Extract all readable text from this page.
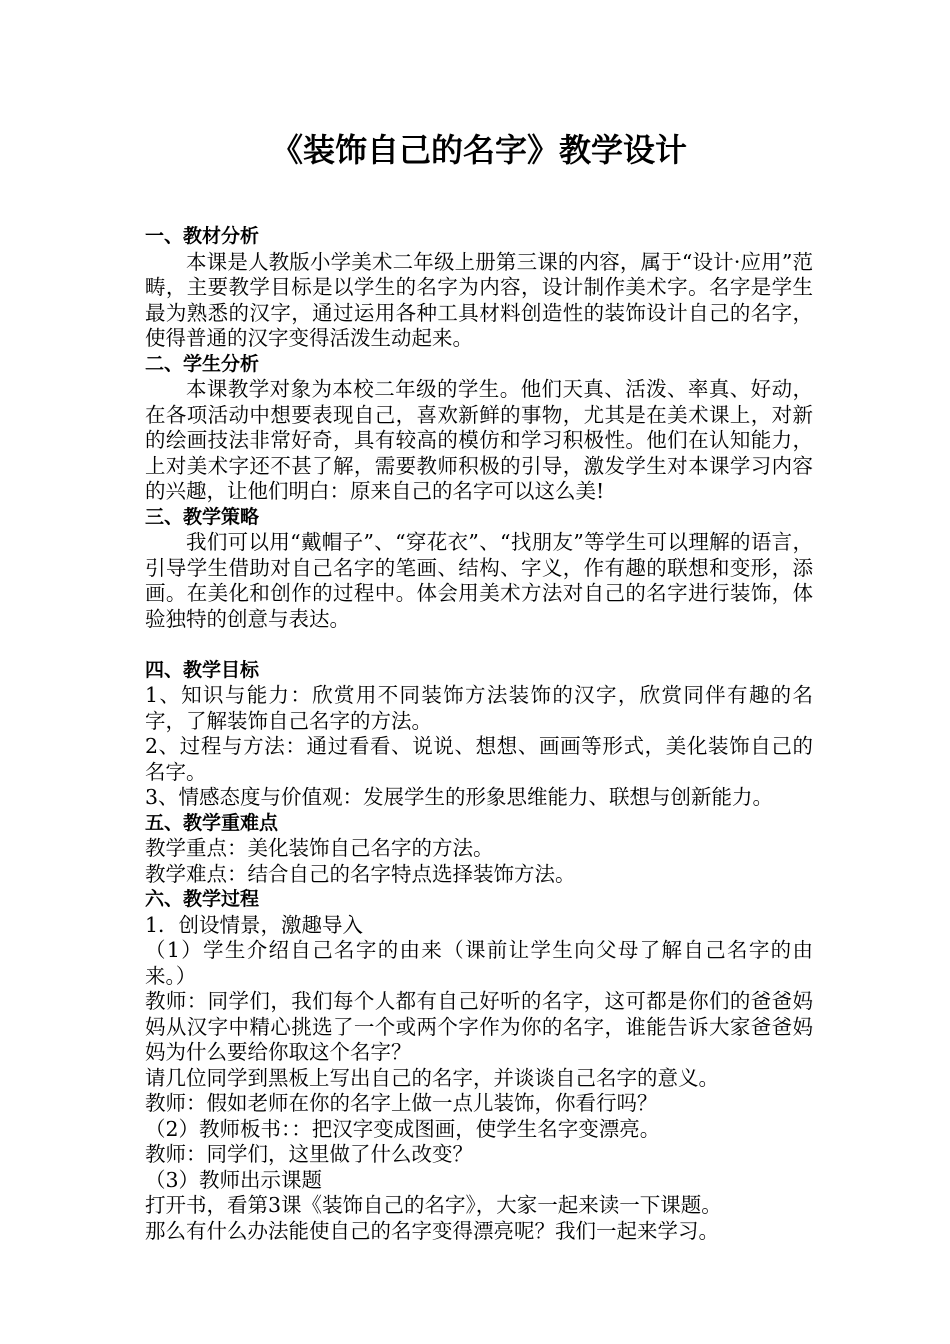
《装饰自己的名字》教学设计
一、教材分析

本课是人教版小学美术二年级上册第三课的内容，属于“设计·应用”范畴，主要教学目标是以学生的名字为内容，设计制作美术字。名字是学生最为熟悉的汉字，通过运用各种工具材料创造性的装饰设计自己的名字，使得普通的汉字变得活泼生动起来。

二、学生分析

本课教学对象为本校二年级的学生。他们天真、活泼、率真、好动，在各项活动中想要表现自己，喜欢新鲜的事物，尤其是在美术课上，对新的绘画技法非常好奇，具有较高的模仿和学习积极性。他们在认知能力，上对美术字还不甚了解，需要教师积极的引导，激发学生对本课学习内容的兴趣，让他们明白：原来自己的名字可以这么美!

三、教学策略

我们可以用“戴帽子”、“穿花衣”、“找朋友”等学生可以理解的语言，引导学生借助对自己名字的笔画、结构、字义，作有趣的联想和变形，添画。在美化和创作的过程中。体会用美术方法对自己的名字进行装饰，体验独特的创意与表达。

四、教学目标

1、知识与能力：欣赏用不同装饰方法装饰的汉字，欣赏同伴有趣的名字，了解装饰自己名字的方法。

2、过程与方法：通过看看、说说、想想、画画等形式，美化装饰自己的名字。

3、情感态度与价值观：发展学生的形象思维能力、联想与创新能力。

五、教学重难点

教学重点：美化装饰自己名字的方法。

教学难点：结合自己的名字特点选择装饰方法。

六、教学过程

1．创设情景，激趣导入

（1）学生介绍自己名字的由来（课前让学生向父母了解自己名字的由来。）

教师：同学们，我们每个人都有自己好听的名字，这可都是你们的爸爸妈妈从汉字中精心挑选了一个或两个字作为你的名字，谁能告诉大家爸爸妈妈为什么要给你取这个名字？

请几位同学到黑板上写出自己的名字，并谈谈自己名字的意义。

教师：假如老师在你的名字上做一点儿装饰，你看行吗？

（2）教师板书：：把汉字变成图画，使学生名字变漂亮。

教师：同学们，这里做了什么改变？

（3）教师出示课题

打开书，看第3课《装饰自己的名字》，大家一起来读一下课题。

那么有什么办法能使自己的名字变得漂亮呢？我们一起来学习。
